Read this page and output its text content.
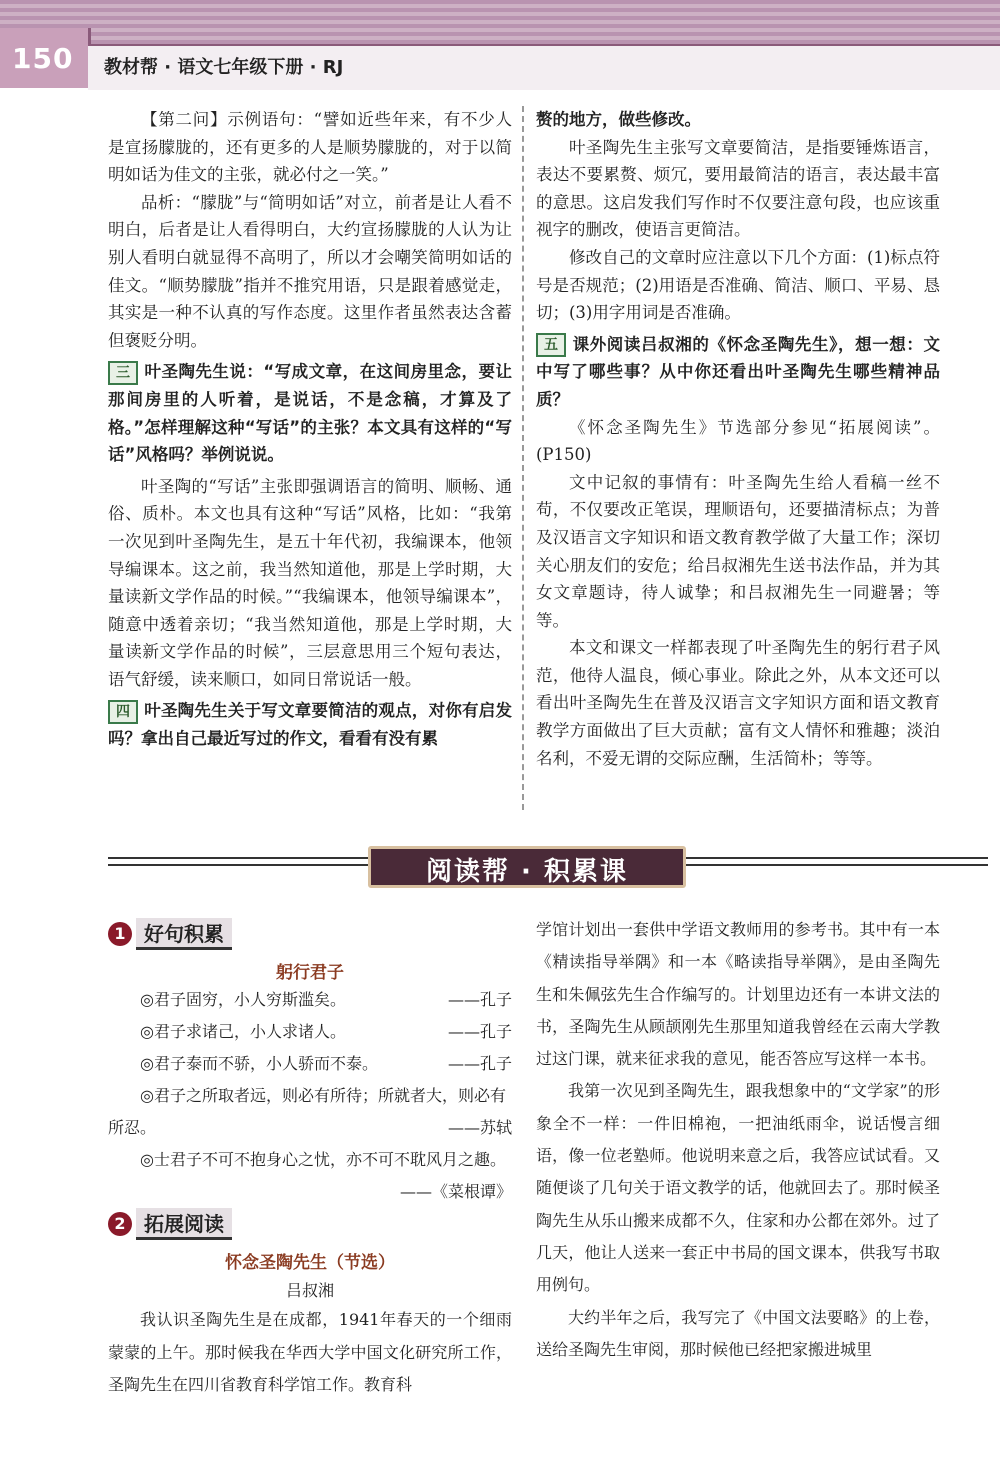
150 教材帮 · 语文七年级下册 · RJ

【第二问】示例语句：“譬如近些年来，有不少人是宣扬朦胧的，还有更多的人是顺势朦胧的，对于以简明如话为佳文的主张，就必付之一笑。”

品析：“朦胧”与“简明如话”对立，前者是让人看不明白，后者是让人看得明白，大约宣扬朦胧的人认为让别人看明白就显得不高明了，所以才会嘲笑简明如话的佳文。“顺势朦胧”指并不推究用语，只是跟着感觉走，其实是一种不认真的写作态度。这里作者虽然表达含蓄但褒贬分明。

三 叶圣陶先生说：“写成文章，在这间房里念，要让那间房里的人听着，是说话，不是念稿，才算及了格。”怎样理解这种“写话”的主张？本文具有这样的“写话”风格吗？举例说说。

叶圣陶的“写话”主张即强调语言的简明、顺畅、通俗、质朴。本文也具有这种“写话”风格，比如：“我第一次见到叶圣陶先生，是五十年代初，我编课本，他领导编课本。这之前，我当然知道他，那是上学时期，大量读新文学作品的时候。”“我编课本，他领导编课本”，随意中透着亲切；“我当然知道他，那是上学时期，大量读新文学作品的时候”，三层意思用三个短句表达，语气舒缓，读来顺口，如同日常说话一般。

四 叶圣陶先生关于写文章要简洁的观点，对你有启发吗？拿出自己最近写过的作文，看看有没有累

赘的地方，做些修改。

叶圣陶先生主张写文章要简洁，是指要锤炼语言，表达不要累赘、烦冗，要用最简洁的语言，表达最丰富的意思。这启发我们写作时不仅要注意句段，也应该重视字的删改，使语言更简洁。

修改自己的文章时应注意以下几个方面：(1)标点符号是否规范；(2)用语是否准确、简洁、顺口、平易、恳切；(3)用字用词是否准确。

五 课外阅读吕叔湘的《怀念圣陶先生》，想一想：文中写了哪些事？从中你还看出叶圣陶先生哪些精神品质？

《怀念圣陶先生》节选部分参见“拓展阅读”。(P150)

文中记叙的事情有：叶圣陶先生给人看稿一丝不苟，不仅要改正笔误，理顺语句，还要描清标点；为普及汉语言文字知识和语文教育教学做了大量工作；深切关心朋友们的安危；给吕叔湘先生送书法作品，并为其女文章题诗，待人诚挚；和吕叔湘先生一同避暑；等等。

本文和课文一样都表现了叶圣陶先生的躬行君子风范，他待人温良，倾心事业。除此之外，从本文还可以看出叶圣陶先生在普及汉语言文字知识方面和语文教育教学方面做出了巨大贡献；富有文人情怀和雅趣；淡泊名利，不爱无谓的交际应酬，生活简朴；等等。

阅读帮 · 积累课
1 好句积累
躬行君子

◎君子固穷，小人穷斯滥矣。	——孔子

◎君子求诸己，小人求诸人。	——孔子

◎君子泰而不骄，小人骄而不泰。	——孔子

◎君子之所取者远，则必有所待；所就者大，则必有所忍。	——苏轼

◎士君子不可不抱身心之忧，亦不可不耽风月之趣。
——《菜根谭》

2 拓展阅读
怀念圣陶先生（节选）
吕叔湘

我认识圣陶先生是在成都，1941年春天的一个细雨蒙蒙的上午。那时候我在华西大学中国文化研究所工作，圣陶先生在四川省教育科学馆工作。教育科

学馆计划出一套供中学语文教师用的参考书。其中有一本《精读指导举隅》和一本《略读指导举隅》，是由圣陶先生和朱佩弦先生合作编写的。计划里边还有一本讲文法的书，圣陶先生从顾颉刚先生那里知道我曾经在云南大学教过这门课，就来征求我的意见，能否答应写这样一本书。

我第一次见到圣陶先生，跟我想象中的“文学家”的形象全不一样：一件旧棉袍，一把油纸雨伞，说话慢言细语，像一位老塾师。他说明来意之后，我答应试试看。又随便谈了几句关于语文教学的话，他就回去了。那时候圣陶先生从乐山搬来成都不久，住家和办公都在郊外。过了几天，他让人送来一套正中书局的国文课本，供我写书取用例句。

大约半年之后，我写完了《中国文法要略》的上卷，送给圣陶先生审阅，那时候他已经把家搬进城里
